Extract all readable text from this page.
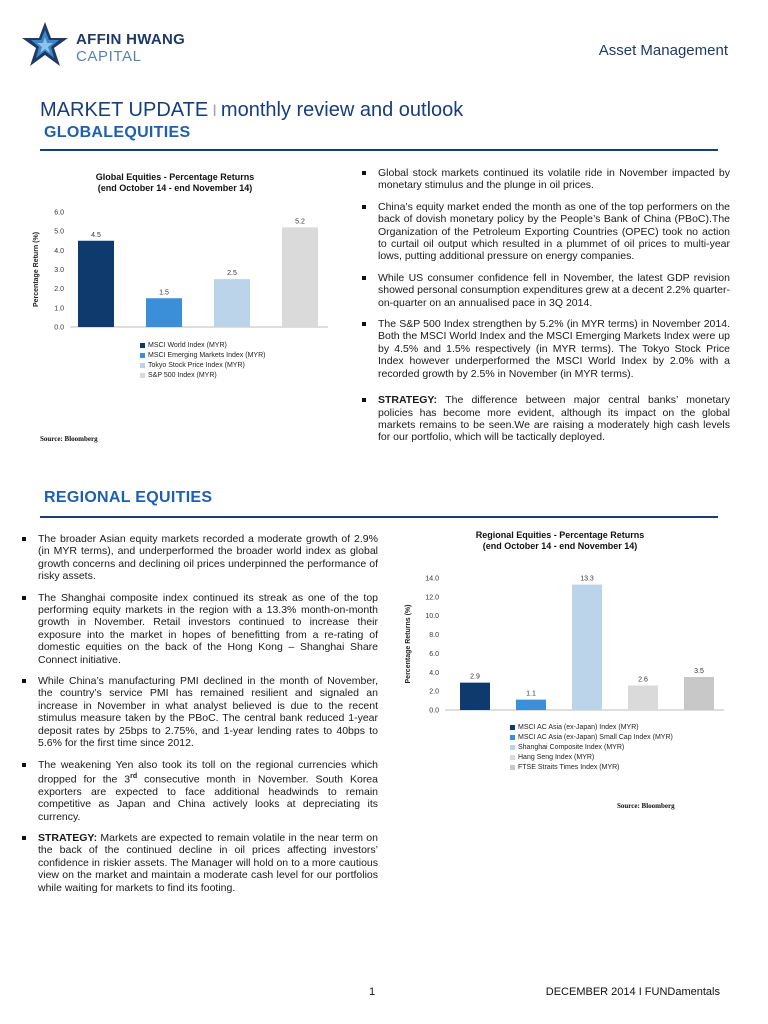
AFFIN HWANG
CAPITAL	Asset Management
MARKET UPDATE I monthly review and outlook
GLOBALEQUITIES
Global Equities - Percentage Returns
(end October 14 - end November 14)
0.0
1.0
2.0
3.0
4.0
5.0
6.0
Percentage Return (%)	4.5
1.5
2.5
5.2
MSCI World Index (MYR)
MSCI Emerging Markets Index (MYR)
Tokyo Stock Price Index (MYR)
S&P 500 Index (MYR)
Source: Bloomberg
Global stock markets continued its volatile ride in November impacted by monetary stimulus and the plunge in oil prices.
China’s equity market ended the month as one of the top performers on the back of dovish monetary policy by the People’s Bank of China (PBoC).The Organization of the Petroleum Exporting Countries (OPEC) took no action to curtail oil output which resulted in a plummet of oil prices to multi-year lows, putting additional pressure on energy companies.
While US consumer confidence fell in November, the latest GDP revision showed personal consumption expenditures grew at a decent 2.2% quarter-on-quarter on an annualised pace in 3Q 2014.
The S&P 500 Index strengthen by 5.2% (in MYR terms) in November 2014. Both the MSCI World Index and the MSCI Emerging Markets Index were up by 4.5% and 1.5% respectively (in MYR terms). The Tokyo Stock Price Index however underperformed the MSCI World Index by 2.0% with a recorded growth by 2.5% in November (in MYR terms).
STRATEGY: The difference between major central banks’ monetary policies has become more evident, although its impact on the global markets remains to be seen.We are raising a moderately high cash levels for our portfolio, which will be tactically deployed.
REGIONAL EQUITIES
The broader Asian equity markets recorded a moderate growth of 2.9% (in MYR terms), and underperformed the broader world index as global growth concerns and declining oil prices underpinned the performance of risky assets.
The Shanghai composite index continued its streak as one of the top performing equity markets in the region with a 13.3% month-on-month growth in November. Retail investors continued to increase their exposure into the market in hopes of benefitting from a re-rating of domestic equities on the back of the Hong Kong – Shanghai Share Connect initiative.
While China’s manufacturing PMI declined in the month of November, the country’s service PMI has remained resilient and signaled an increase in November in what analyst believed is due to the recent stimulus measure taken by the PBoC. The central bank reduced 1-year deposit rates by 25bps to 2.75%, and 1-year lending rates to 40bps to 5.6% for the first time since 2012.
The weakening Yen also took its toll on the regional currencies which dropped for the 3rd consecutive month in November. South Korea exporters are expected to face additional headwinds to remain competitive as Japan and China actively looks at depreciating its currency.
STRATEGY: Markets are expected to remain volatile in the near term on the back of the continued decline in oil prices affecting investors’ confidence in riskier assets. The Manager will hold on to a more cautious view on the market and maintain a moderate cash level for our portfolios while waiting for markets to find its footing.
Regional Equities - Percentage Returns
(end October 14 - end November 14)
0.0
2.0
4.0
6.0
8.0
10.0
12.0
14.0
Percentage Returns (%)	2.9
1.1
13.3
2.6
3.5
MSCI AC Asia (ex-Japan) Index (MYR)
MSCI AC Asia (ex-Japan) Small Cap Index (MYR)
Shanghai Composite Index (MYR)
Hang Seng Index (MYR)
FTSE Straits Times Index (MYR)
Source: Bloomberg
1	DECEMBER 2014 I FUNDamentals
